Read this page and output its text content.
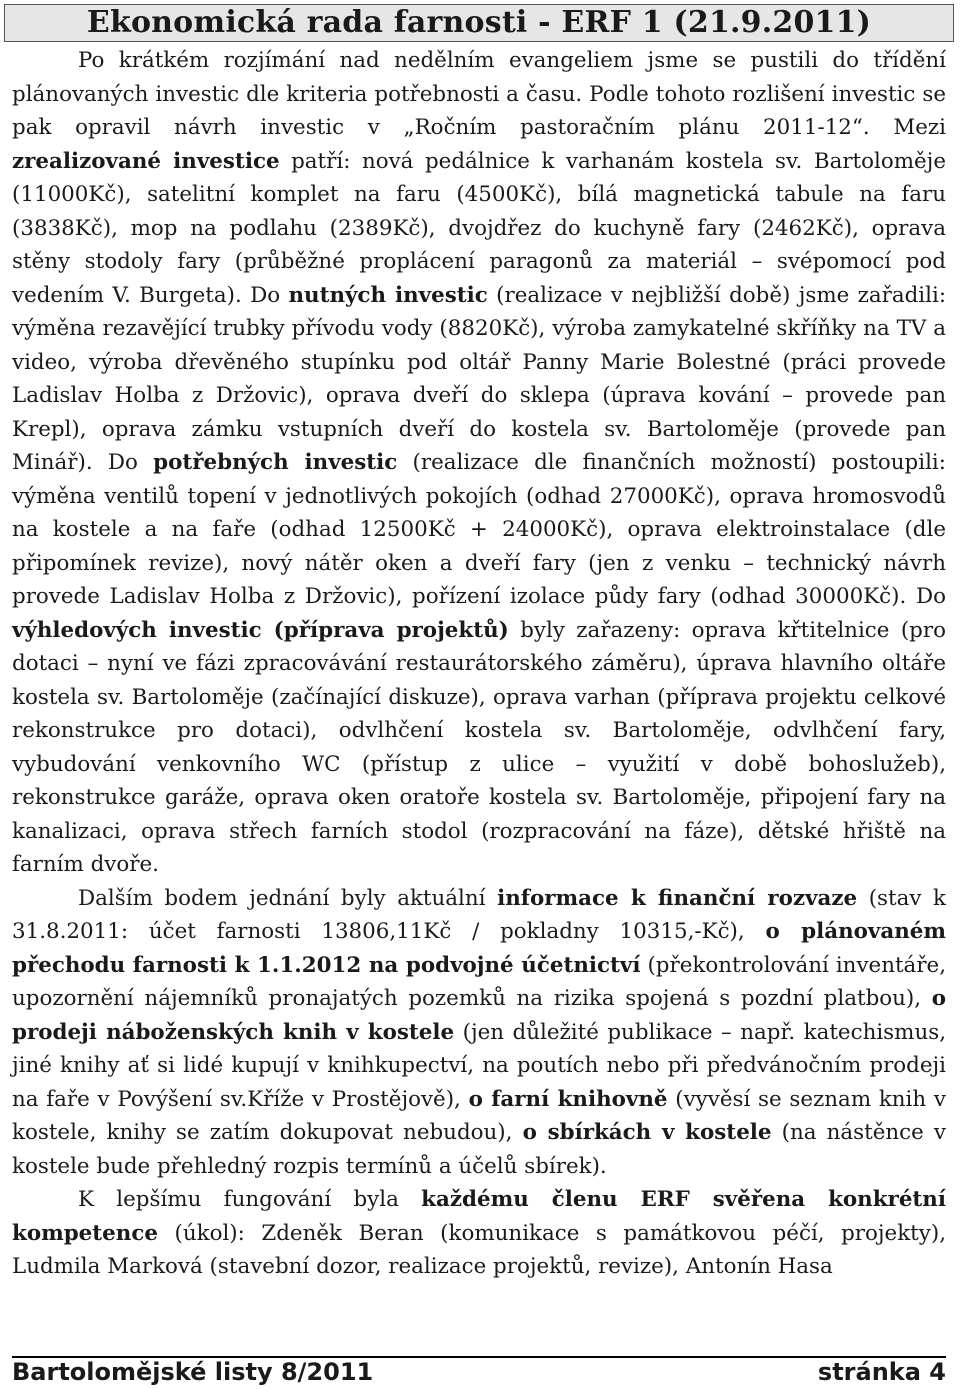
Ekonomická rada farnosti - ERF 1 (21.9.2011)

Po krátkém rozjímání nad nedělním evangeliem jsme se pustili do třídění plánovaných investic dle kriteria potřebnosti a času. Podle tohoto rozlišení investic se pak opravil návrh investic v „Ročním pastoračním plánu 2011-12“. Mezi zrealizované investice patří: nová pedálnice k varhanám kostela sv. Bartoloměje (11000Kč), satelitní komplet na faru (4500Kč), bílá magnetická tabule na faru (3838Kč), mop na podlahu (2389Kč), dvojdřez do kuchyně fary (2462Kč), oprava stěny stodoly fary (průběžné proplácení paragonů za materiál – svépomocí pod vedením V. Burgeta). Do nutných investic (realizace v nejbližší době) jsme zařadili: výměna rezavějící trubky přívodu vody (8820Kč), výroba zamykatelné skříňky na TV a video, výroba dřevěného stupínku pod oltář Panny Marie Bolestné (práci provede Ladislav Holba z Držovic), oprava dveří do sklepa (úprava kování – provede pan Krepl), oprava zámku vstupních dveří do kostela sv. Bartoloměje (provede pan Minář). Do potřebných investic (realizace dle finančních možností) postoupili: výměna ventilů topení v jednotlivých pokojích (odhad 27000Kč), oprava hromosvodů na kostele a na faře (odhad 12500Kč + 24000Kč), oprava elektroinstalace (dle připomínek revize), nový nátěr oken a dveří fary (jen z venku – technický návrh provede Ladislav Holba z Držovic), pořízení izolace půdy fary (odhad 30000Kč). Do výhledových investic (příprava projektů) byly zařazeny: oprava křtitelnice (pro dotaci – nyní ve fázi zpracovávání restaurátorského záměru), úprava hlavního oltáře kostela sv. Bartoloměje (začínající diskuze), oprava varhan (příprava projektu celkové rekonstrukce pro dotaci), odvlhčení kostela sv. Bartoloměje, odvlhčení fary, vybudování venkovního WC (přístup z ulice – využití v době bohoslužeb), rekonstrukce garáže, oprava oken oratoře kostela sv. Bartoloměje, připojení fary na kanalizaci, oprava střech farních stodol (rozpracování na fáze), dětské hřiště na farním dvoře.

Dalším bodem jednání byly aktuální informace k finanční rozvaze (stav k 31.8.2011: účet farnosti 13806,11Kč / pokladny 10315,-Kč), o plánovaném přechodu farnosti k 1.1.2012 na podvojné účetnictví (překontrolování inventáře, upozornění nájemníků pronajatých pozemků na rizika spojená s pozdní platbou), o prodeji náboženských knih v kostele (jen důležité publikace – např. katechismus, jiné knihy ať si lidé kupují v knihkupectví, na poutích nebo při předvánočním prodeji na faře v Povýšení sv.Kříže v Prostějově), o farní knihovně (vyvěsí se seznam knih v kostele, knihy se zatím dokupovat nebudou), o sbírkách v kostele (na nástěnce v kostele bude přehledný rozpis termínů a účelů sbírek).

K lepšímu fungování byla každému členu ERF svěřena konkrétní kompetence (úkol): Zdeněk Beran (komunikace s památkovou péčí, projekty), Ludmila Marková (stavební dozor, realizace projektů, revize), Antonín Hasa

Bartolomějské listy 8/2011	stránka 4
